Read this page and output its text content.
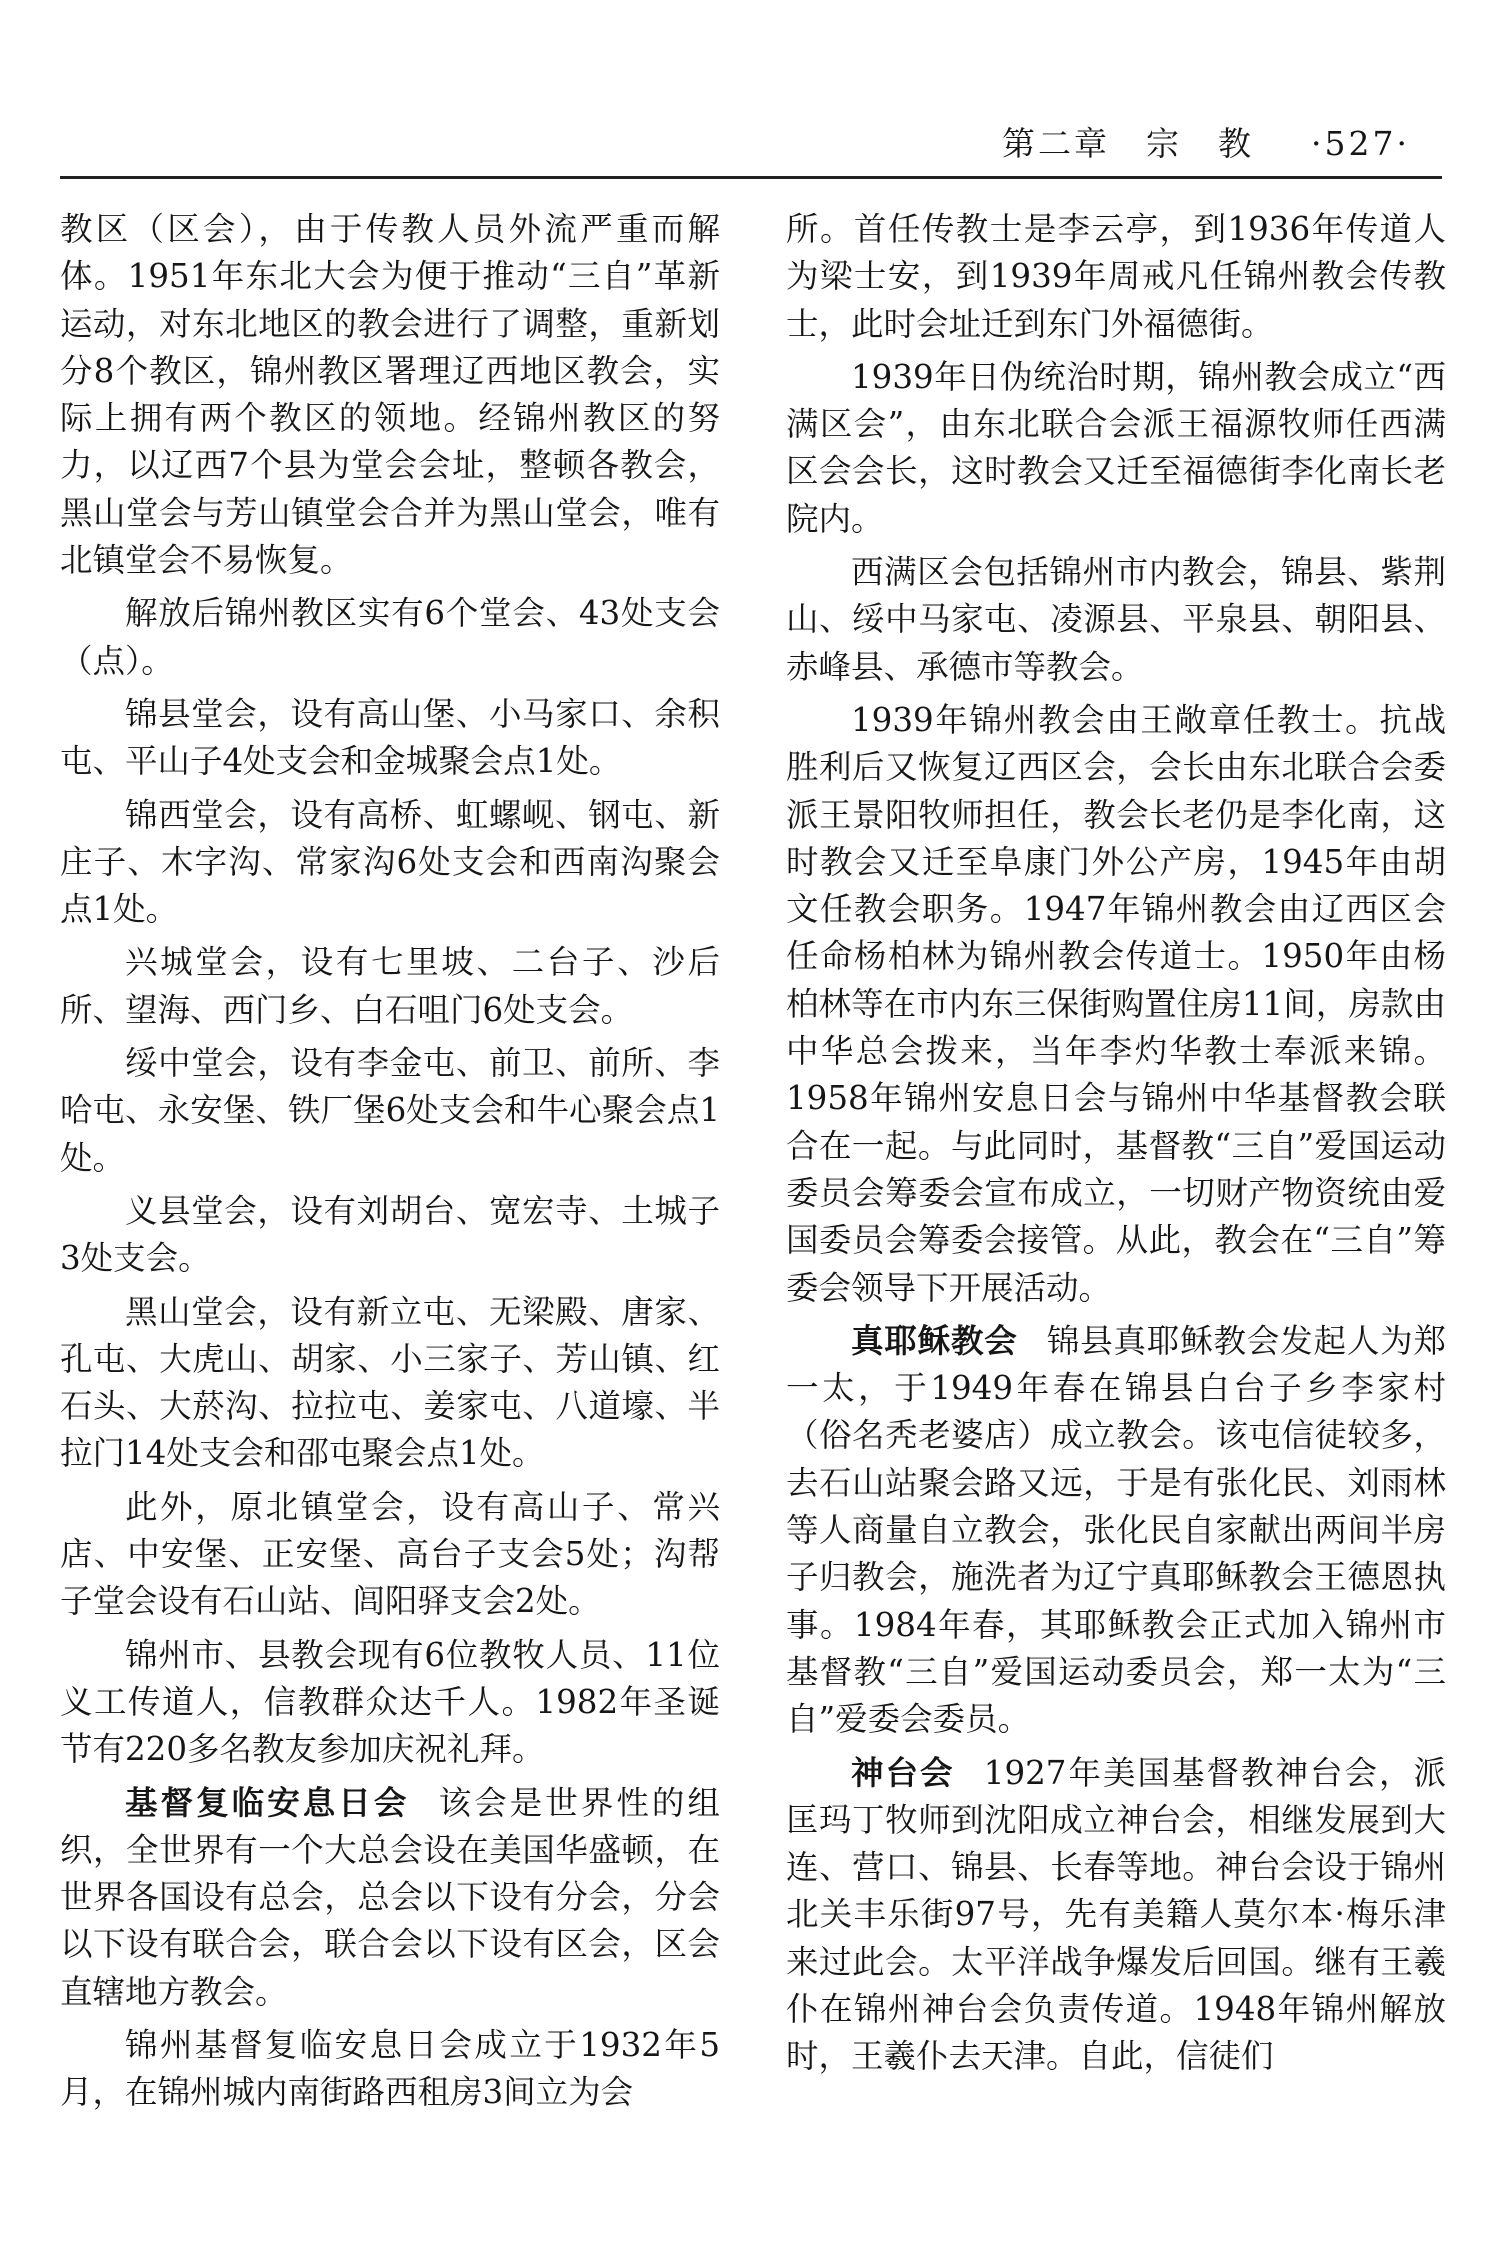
第二章　宗　教 ·527·

教区（区会），由于传教人员外流严重而解体。1951年东北大会为便于推动“三自”革新运动，对东北地区的教会进行了调整，重新划分8个教区，锦州教区署理辽西地区教会，实际上拥有两个教区的领地。经锦州教区的努力，以辽西7个县为堂会会址，整顿各教会，黑山堂会与芳山镇堂会合并为黑山堂会，唯有北镇堂会不易恢复。

解放后锦州教区实有6个堂会、43处支会（点）。

锦县堂会，设有高山堡、小马家口、余积屯、平山子4处支会和金城聚会点1处。

锦西堂会，设有高桥、虹螺岘、钢屯、新庄子、木字沟、常家沟6处支会和西南沟聚会点1处。

兴城堂会，设有七里坡、二台子、沙后所、望海、西门乡、白石咀门6处支会。

绥中堂会，设有李金屯、前卫、前所、李哈屯、永安堡、铁厂堡6处支会和牛心聚会点1处。

义县堂会，设有刘胡台、宽宏寺、土城子3处支会。

黑山堂会，设有新立屯、无梁殿、唐家、孔屯、大虎山、胡家、小三家子、芳山镇、红石头、大菸沟、拉拉屯、姜家屯、八道壕、半拉门14处支会和邵屯聚会点1处。

此外，原北镇堂会，设有高山子、常兴店、中安堡、正安堡、高台子支会5处；沟帮子堂会设有石山站、闾阳驿支会2处。

锦州市、县教会现有6位教牧人员、11位义工传道人，信教群众达千人。1982年圣诞节有220多名教友参加庆祝礼拜。

基督复临安息日会 该会是世界性的组织，全世界有一个大总会设在美国华盛顿，在世界各国设有总会，总会以下设有分会，分会以下设有联合会，联合会以下设有区会，区会直辖地方教会。

锦州基督复临安息日会成立于1932年5月，在锦州城内南街路西租房3间立为会

所。首任传教士是李云亭，到1936年传道人为梁士安，到1939年周戒凡任锦州教会传教士，此时会址迁到东门外福德街。

1939年日伪统治时期，锦州教会成立“西满区会”，由东北联合会派王福源牧师任西满区会会长，这时教会又迁至福德街李化南长老院内。

西满区会包括锦州市内教会，锦县、紫荆山、绥中马家屯、凌源县、平泉县、朝阳县、赤峰县、承德市等教会。

1939年锦州教会由王敞章任教士。抗战胜利后又恢复辽西区会，会长由东北联合会委派王景阳牧师担任，教会长老仍是李化南，这时教会又迁至阜康门外公产房，1945年由胡文任教会职务。1947年锦州教会由辽西区会任命杨柏林为锦州教会传道士。1950年由杨柏林等在市内东三保街购置住房11间，房款由中华总会拨来，当年李灼华教士奉派来锦。1958年锦州安息日会与锦州中华基督教会联合在一起。与此同时，基督教“三自”爱国运动委员会筹委会宣布成立，一切财产物资统由爱国委员会筹委会接管。从此，教会在“三自”筹委会领导下开展活动。

真耶稣教会 锦县真耶稣教会发起人为郑一太，于1949年春在锦县白台子乡李家村（俗名秃老婆店）成立教会。该屯信徒较多，去石山站聚会路又远，于是有张化民、刘雨林等人商量自立教会，张化民自家献出两间半房子归教会，施洗者为辽宁真耶稣教会王德恩执事。1984年春，其耶稣教会正式加入锦州市基督教“三自”爱国运动委员会，郑一太为“三自”爱委会委员。

神台会 1927年美国基督教神台会，派匡玛丁牧师到沈阳成立神台会，相继发展到大连、营口、锦县、长春等地。神台会设于锦州北关丰乐街97号，先有美籍人莫尔本·梅乐津来过此会。太平洋战争爆发后回国。继有王羲仆在锦州神台会负责传道。1948年锦州解放时，王羲仆去天津。自此，信徒们
